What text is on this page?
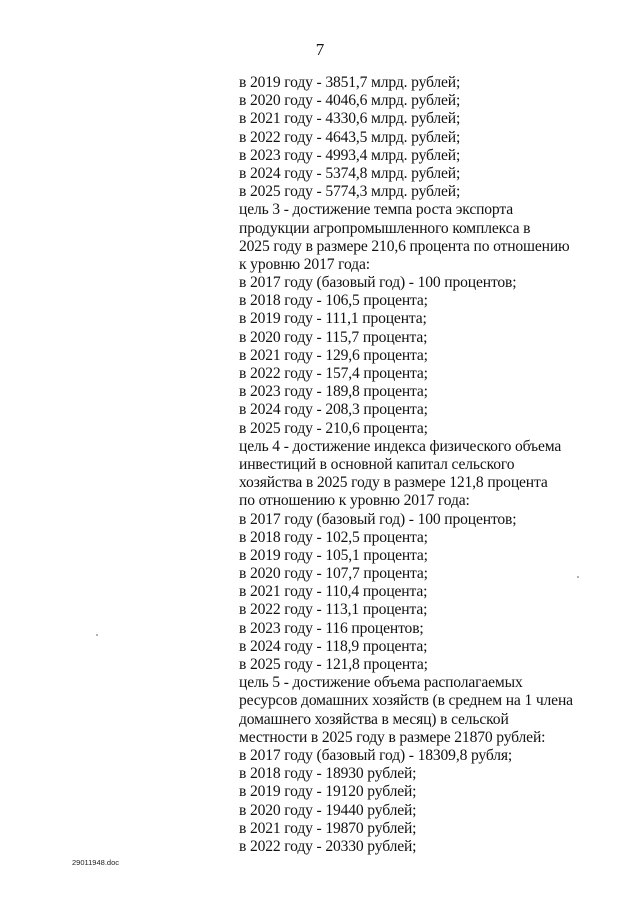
7
в 2019 году - 3851,7 млрд. рублей;
в 2020 году - 4046,6 млрд. рублей;
в 2021 году - 4330,6 млрд. рублей;
в 2022 году - 4643,5 млрд. рублей;
в 2023 году - 4993,4 млрд. рублей;
в 2024 году - 5374,8 млрд. рублей;
в 2025 году - 5774,3 млрд. рублей;
цель 3 - достижение темпа роста экспорта
продукции агропромышленного комплекса в
2025 году в размере 210,6 процента по отношению
к уровню 2017 года:
в 2017 году (базовый год) - 100 процентов;
в 2018 году - 106,5 процента;
в 2019 году - 111,1 процента;
в 2020 году - 115,7 процента;
в 2021 году - 129,6 процента;
в 2022 году - 157,4 процента;
в 2023 году - 189,8 процента;
в 2024 году - 208,3 процента;
в 2025 году - 210,6 процента;
цель 4 - достижение индекса физического объема
инвестиций в основной капитал сельского
хозяйства в 2025 году в размере 121,8 процента
по отношению к уровню 2017 года:
в 2017 году (базовый год) - 100 процентов;
в 2018 году - 102,5 процента;
в 2019 году - 105,1 процента;
в 2020 году - 107,7 процента;
в 2021 году - 110,4 процента;
в 2022 году - 113,1 процента;
в 2023 году - 116 процентов;
в 2024 году - 118,9 процента;
в 2025 году - 121,8 процента;
цель 5 - достижение объема располагаемых
ресурсов домашних хозяйств (в среднем на 1 члена
домашнего хозяйства в месяц) в сельской
местности в 2025 году в размере 21870 рублей:
в 2017 году (базовый год) - 18309,8 рубля;
в 2018 году - 18930 рублей;
в 2019 году - 19120 рублей;
в 2020 году - 19440 рублей;
в 2021 году - 19870 рублей;
в 2022 году - 20330 рублей;
29011948.doc
